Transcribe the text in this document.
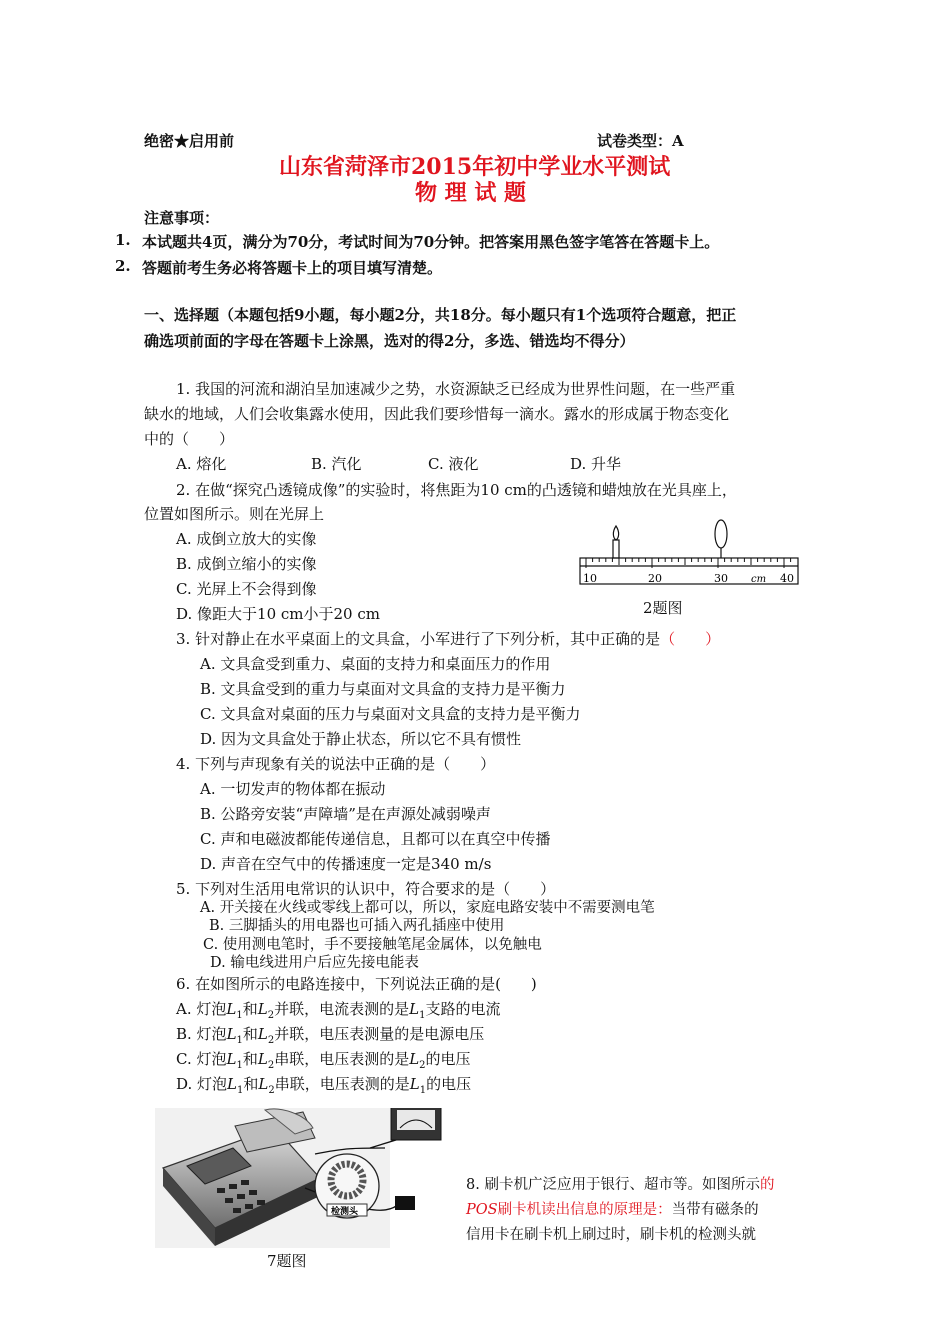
绝密★启用前	试卷类型：A
山东省菏泽市2015年初中学业水平测试
物 理 试 题
注意事项：
1. 本试题共4页，满分为70分，考试时间为70分钟。把答案用黑色签字笔答在答题卡上。
2. 答题前考生务必将答题卡上的项目填写清楚。
一、选择题（本题包括9小题，每小题2分，共18分。每小题只有1个选项符合题意，把正
确选项前面的字母在答题卡上涂黑，选对的得2分，多选、错选均不得分）
1. 我国的河流和湖泊呈加速减少之势，水资源缺乏已经成为世界性问题，在一些严重
缺水的地域，人们会收集露水使用，因此我们要珍惜每一滴水。露水的形成属于物态变化
中的（　　）
A. 熔化	B. 汽化	C. 液化	D. 升华
2. 在做“探究凸透镜成像”的实验时，将焦距为10 cm的凸透镜和蜡烛放在光具座上，
位置如图所示。则在光屏上
A. 成倒立放大的实像
B. 成倒立缩小的实像
C. 光屏上不会得到像
D. 像距大于10 cm小于20 cm
10	20	30 cm 40
2题图
3. 针对静止在水平桌面上的文具盒，小军进行了下列分析，其中正确的是（　　）
A. 文具盒受到重力、桌面的支持力和桌面压力的作用
B. 文具盒受到的重力与桌面对文具盒的支持力是平衡力
C. 文具盒对桌面的压力与桌面对文具盒的支持力是平衡力
D. 因为文具盒处于静止状态，所以它不具有惯性
4. 下列与声现象有关的说法中正确的是（　　）
A. 一切发声的物体都在振动
B. 公路旁安装“声障墙”是在声源处减弱噪声
C. 声和电磁波都能传递信息，且都可以在真空中传播
D. 声音在空气中的传播速度一定是340 m/s
5. 下列对生活用电常识的认识中，符合要求的是（　　）
A. 开关接在火线或零线上都可以，所以，家庭电路安装中不需要测电笔
B. 三脚插头的用电器也可插入两孔插座中使用
C. 使用测电笔时，手不要接触笔尾金属体，以免触电
D. 输电线进用户后应先接电能表
6. 在如图所示的电路连接中，下列说法正确的是(　　)
A. 灯泡$L_1$和$L_2$并联，电流表测的是$L_1$支路的电流
B. 灯泡$L_1$和$L_2$并联，电压表测量的是电源电压
C. 灯泡$L_1$和$L_2$串联，电压表测的是$L_2$的电压
D. 灯泡$L_1$和$L_2$串联，电压表测的是$L_1$的电压
检测头
7题图
8. 刷卡机广泛应用于银行、超市等。如图所示的
POS刷卡机读出信息的原理是：当带有磁条的
信用卡在刷卡机上刷过时，刷卡机的检测头就
